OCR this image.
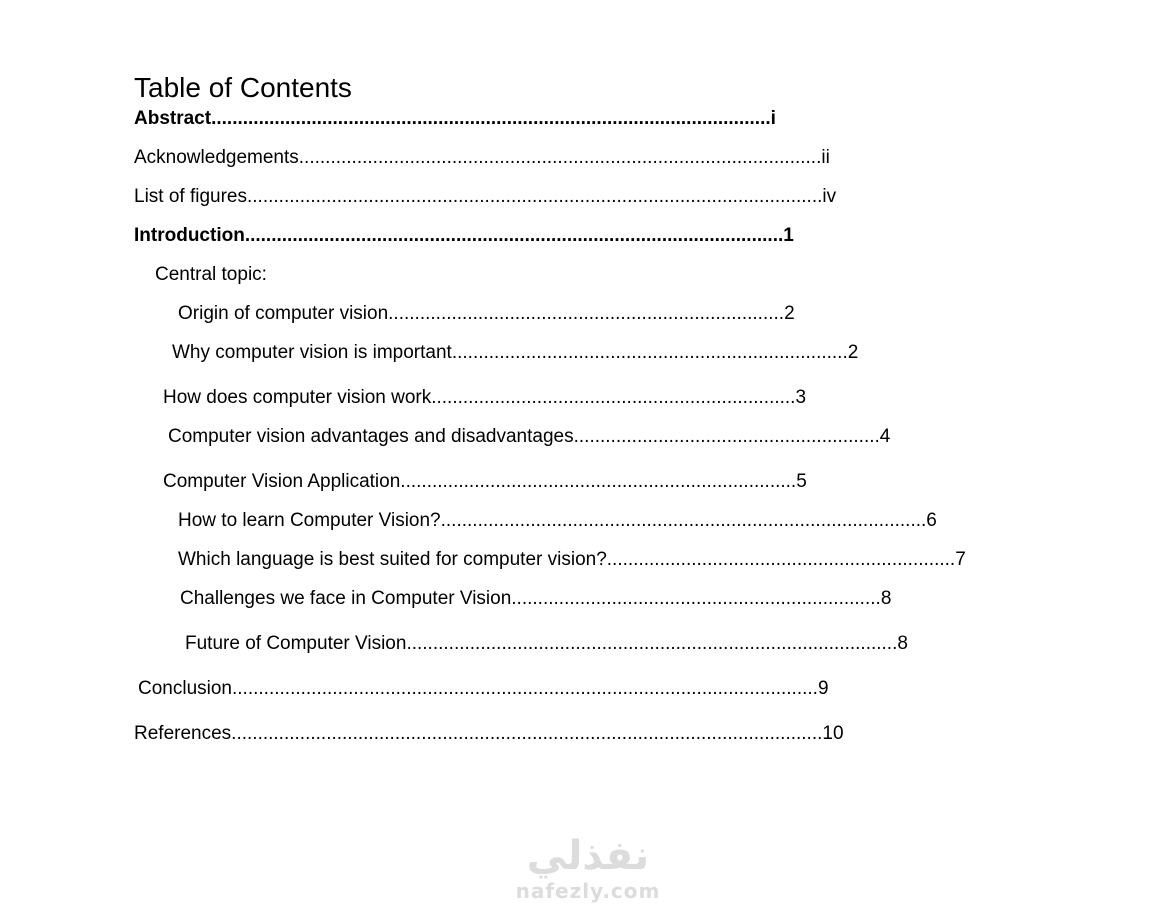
Table of Contents
Abstract..........................................................................................................i
Acknowledgements...................................................................................................ii
List of figures.............................................................................................................iv
Introduction......................................................................................................1
Central topic:
Origin of computer vision...........................................................................2
Why computer vision is important...........................................................................2
How does computer vision work.....................................................................3
Computer vision advantages and disadvantages..........................................................4
Computer Vision Application...........................................................................5
How to learn Computer Vision?............................................................................................6
Which language is best suited for computer vision?..................................................................7
Challenges we face in Computer Vision......................................................................8
Future of Computer Vision.............................................................................................8
Conclusion...............................................................................................................9
References................................................................................................................10
نفذلي
nafezly.com
